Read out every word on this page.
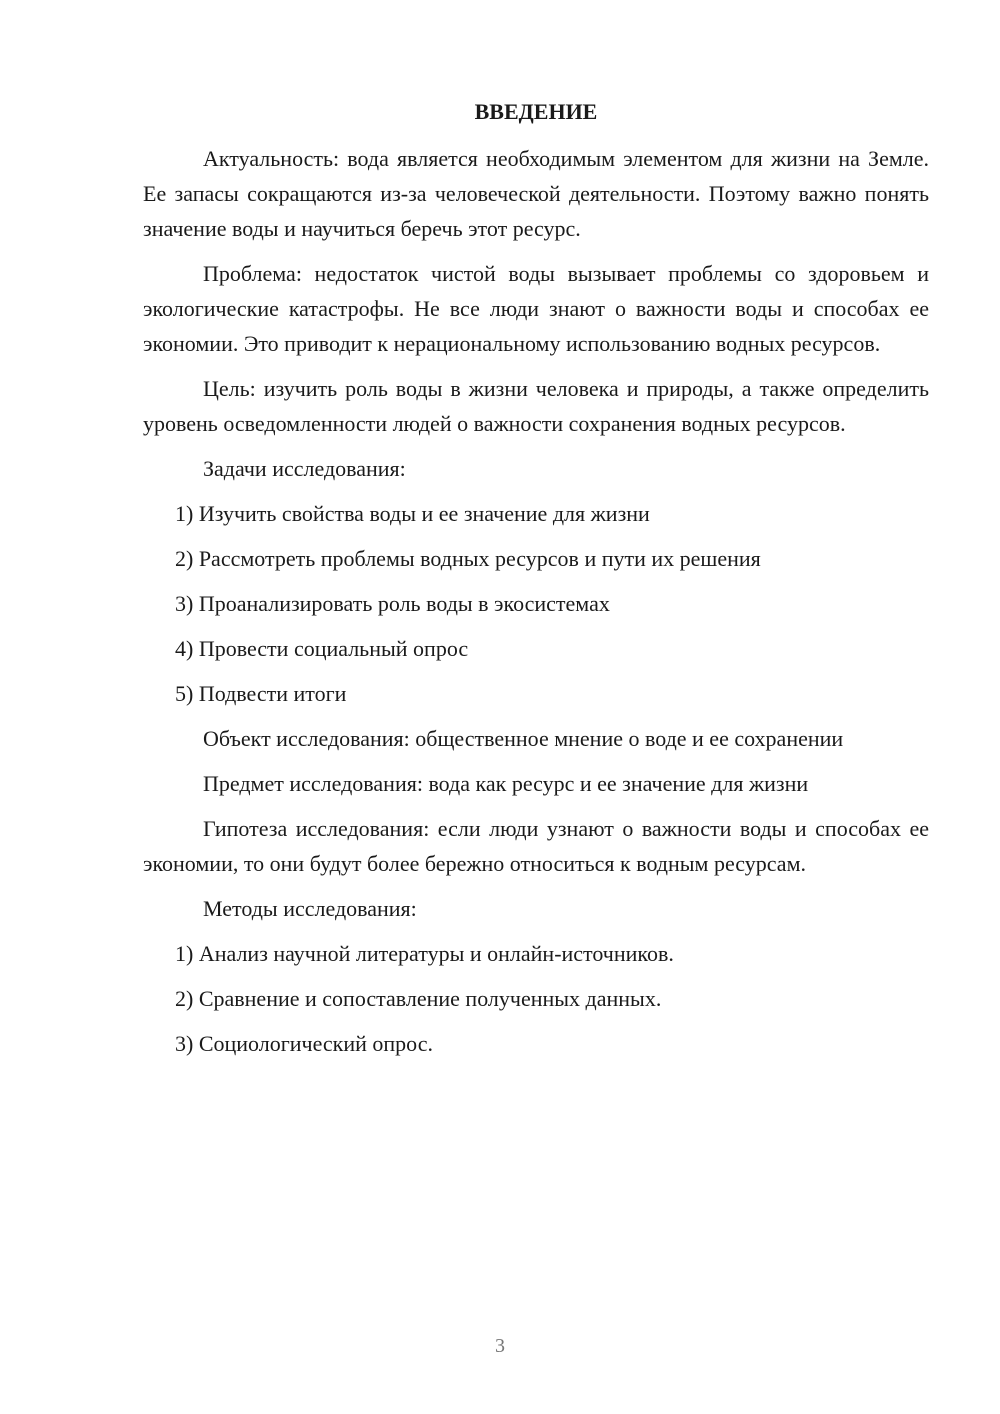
ВВЕДЕНИЕ

Актуальность: вода является необходимым элементом для жизни на Земле. Ее запасы сокращаются из-за человеческой деятельности. Поэтому важно понять значение воды и научиться беречь этот ресурс.

Проблема: недостаток чистой воды вызывает проблемы со здоровьем и экологические катастрофы. Не все люди знают о важности воды и способах ее экономии. Это приводит к нерациональному использованию водных ресурсов.

Цель: изучить роль воды в жизни человека и природы, а также определить уровень осведомленности людей о важности сохранения водных ресурсов.

Задачи исследования:

1) Изучить свойства воды и ее значение для жизни
2) Рассмотреть проблемы водных ресурсов и пути их решения
3) Проанализировать роль воды в экосистемах
4) Провести социальный опрос
5) Подвести итоги

Объект исследования: общественное мнение о воде и ее сохранении

Предмет исследования: вода как ресурс и ее значение для жизни

Гипотеза исследования: если люди узнают о важности воды и способах ее экономии, то они будут более бережно относиться к водным ресурсам.

Методы исследования:

1) Анализ научной литературы и онлайн-источников.
2) Сравнение и сопоставление полученных данных.
3) Социологический опрос.
3
